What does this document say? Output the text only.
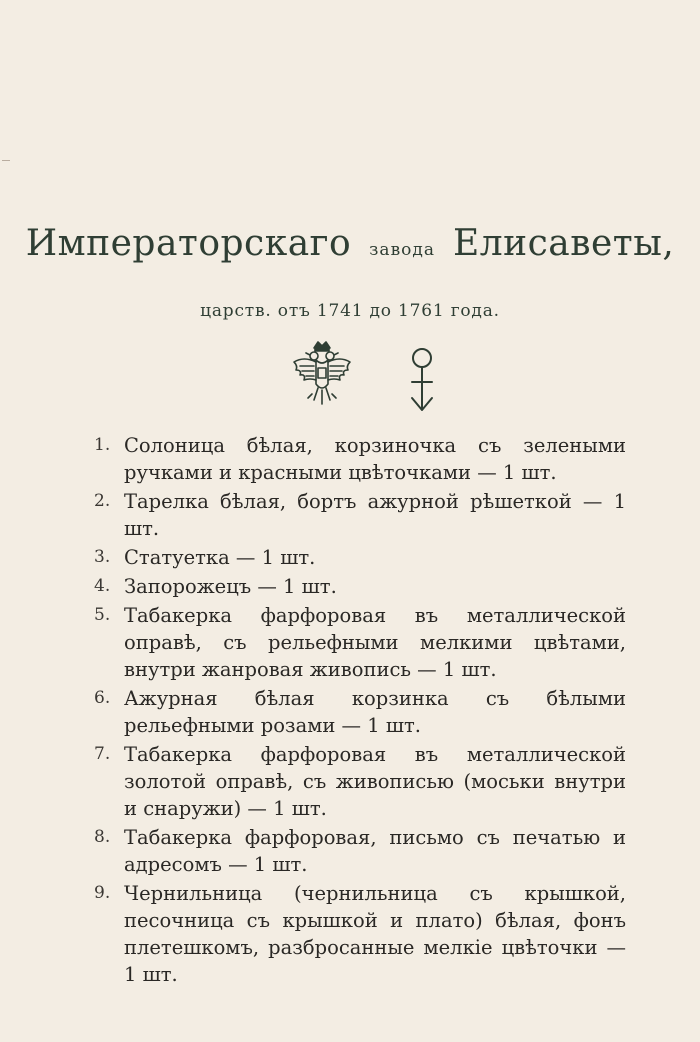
Императорскаго завода Елисаветы,
царств. отъ 1741 до 1761 года.
1. Солоница бѣлая, корзиночка съ зелеными ручками и красными цвѣточками — 1 шт.
2. Тарелка бѣлая, бортъ ажурной рѣшеткой — 1 шт.
3. Статуетка — 1 шт.
4. Запорожецъ — 1 шт.
5. Табакерка фарфоровая въ металлической оправѣ, съ рельефными мелкими цвѣтами, внутри жанровая живопись — 1 шт.
6. Ажурная бѣлая корзинка съ бѣлыми рельефными розами — 1 шт.
7. Табакерка фарфоровая въ металлической золотой оправѣ, съ живописью (моськи внутри и снаружи) — 1 шт.
8. Табакерка фарфоровая, письмо съ печатью и адресомъ — 1 шт.
9. Чернильница (чернильница съ крышкой, песочница съ крышкой и плато) бѣлая, фонъ плетешкомъ, разбросанные мелкіе цвѣточки — 1 шт.
